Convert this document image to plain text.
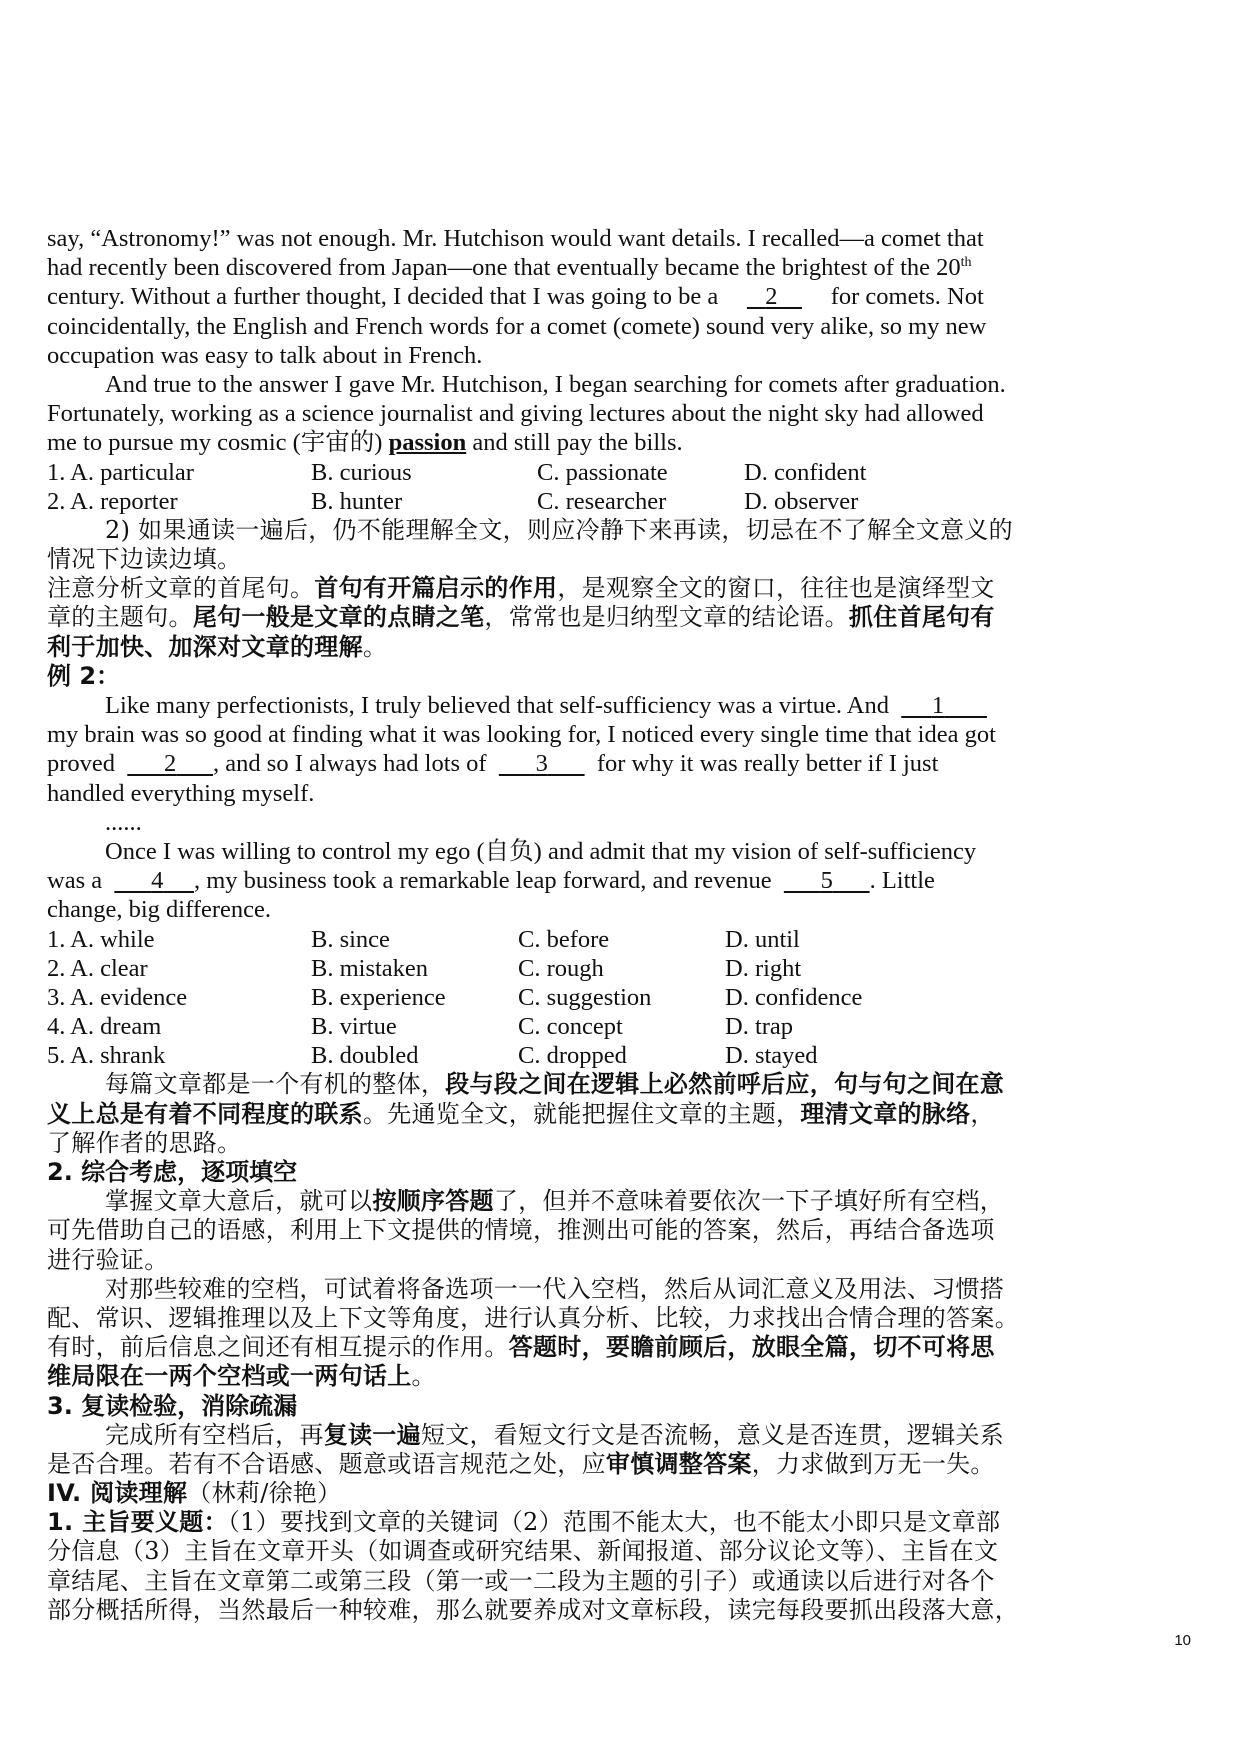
say, “Astronomy!” was not enough. Mr. Hutchison would want details. I recalled—a comet that
had recently been discovered from Japan—one that eventually became the brightest of the 20th
century. Without a further thought, I decided that I was going to be a 2 for comets. Not
coincidentally, the English and French words for a comet (comete) sound very alike, so my new
occupation was easy to talk about in French.
And true to the answer I gave Mr. Hutchison, I began searching for comets after graduation.
Fortunately, working as a science journalist and giving lectures about the night sky had allowed
me to pursue my cosmic (宇宙的) passion and still pay the bills.
1. A. particular	B. curious	C. passionate	D. confident
2. A. reporter	B. hunter	C. researcher	D. observer
2) 如果通读一遍后，仍不能理解全文，则应冷静下来再读，切忌在不了解全文意义的
情况下边读边填。
注意分析文章的首尾句。首句有开篇启示的作用，是观察全文的窗口，往往也是演绎型文
章的主题句。尾句一般是文章的点睛之笔，常常也是归纳型文章的结论语。抓住首尾句有
利于加快、加深对文章的理解。
例 2：
Like many perfectionists, I truly believed that self-sufficiency was a virtue. And 1
my brain was so good at finding what it was looking for, I noticed every single time that idea got
proved 2 , and so I always had lots of 3 for why it was really better if I just
handled everything myself.
......
Once I was willing to control my ego (自负) and admit that my vision of self-sufficiency
was a 4 , my business took a remarkable leap forward, and revenue 5 . Little
change, big difference.
1. A. while	B. since	C. before	D. until
2. A. clear	B. mistaken	C. rough	D. right
3. A. evidence	B. experience	C. suggestion	D. confidence
4. A. dream	B. virtue	C. concept	D. trap
5. A. shrank	B. doubled	C. dropped	D. stayed
每篇文章都是一个有机的整体，段与段之间在逻辑上必然前呼后应，句与句之间在意
义上总是有着不同程度的联系。先通览全文，就能把握住文章的主题，理清文章的脉络，
了解作者的思路。
2. 综合考虑，逐项填空
掌握文章大意后，就可以按顺序答题了，但并不意味着要依次一下子填好所有空档，
可先借助自己的语感，利用上下文提供的情境，推测出可能的答案，然后，再结合备选项
进行验证。
对那些较难的空档，可试着将备选项一一代入空档，然后从词汇意义及用法、习惯搭
配、常识、逻辑推理以及上下文等角度，进行认真分析、比较，力求找出合情合理的答案。
有时，前后信息之间还有相互提示的作用。答题时，要瞻前顾后，放眼全篇，切不可将思
维局限在一两个空档或一两句话上。
3. 复读检验，消除疏漏
完成所有空档后，再复读一遍短文，看短文行文是否流畅，意义是否连贯，逻辑关系
是否合理。若有不合语感、题意或语言规范之处，应审慎调整答案，力求做到万无一失。
IV. 阅读理解（林莉/徐艳）
1. 主旨要义题：（1）要找到文章的关键词（2）范围不能太大，也不能太小即只是文章部
分信息（3）主旨在文章开头（如调查或研究结果、新闻报道、部分议论文等）、主旨在文
章结尾、主旨在文章第二或第三段（第一或一二段为主题的引子）或通读以后进行对各个
部分概括所得，当然最后一种较难，那么就要养成对文章标段，读完每段要抓出段落大意，
10
